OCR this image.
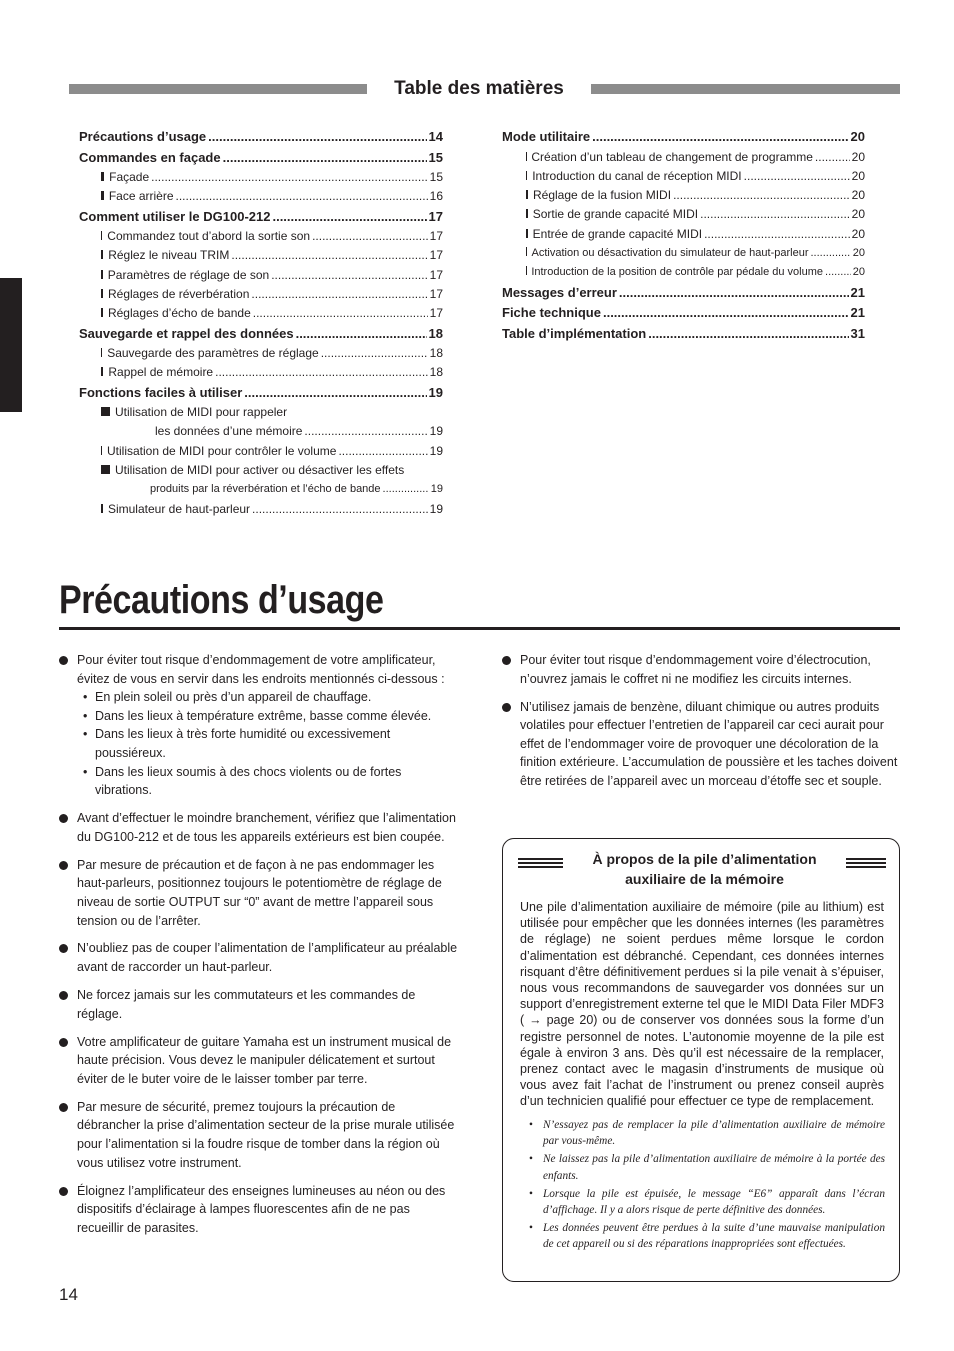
Table des matières
Précautions d’usage .....	14
Commandes en façade .....	15
Façade .....	15
Face arrière .....	16
Comment utiliser le DG100-212 .....	17
Commandez tout d’abord la sortie son .....	17
Réglez le niveau TRIM .....	17
Paramètres de réglage de son .....	17
Réglages de réverbération .....	17
Réglages d’écho de bande .....	17
Sauvegarde et rappel des données .....	18
Sauvegarde des paramètres de réglage .....	18
Rappel de mémoire .....	18
Fonctions faciles à utiliser .....	19
Utilisation de MIDI pour rappeler
les données d’une mémoire .....	19
Utilisation de MIDI pour contrôler le volume .....	19
Utilisation de MIDI pour activer ou désactiver les effets
produits par la réverbération et l’écho de bande .....	19
Simulateur de haut-parleur .....	19
Mode utilitaire .....	20
Création d’un tableau de changement de programme .....	20
Introduction du canal de réception MIDI .....	20
Réglage de la fusion MIDI .....	20
Sortie de grande capacité MIDI .....	20
Entrée de grande capacité MIDI .....	20
Activation ou désactivation du simulateur de haut-parleur .....	20
Introduction de la position de contrôle par pédale du volume .....	20
Messages d’erreur .....	21
Fiche technique .....	21
Table d’implémentation .....	31
Précautions d’usage
Pour éviter tout risque d’endommagement de votre amplificateur, évitez de vous en servir dans les endroits mentionnés ci-dessous :
• En plein soleil ou près d’un appareil de chauffage.
• Dans les lieux à température extrême, basse comme élevée.
• Dans les lieux à très forte humidité ou excessivement poussiéreux.
• Dans les lieux soumis à des chocs violents ou de fortes vibrations.
Avant d’effectuer le moindre branchement, vérifiez que l’alimentation du DG100-212 et de tous les appareils extérieurs est bien coupée.
Par mesure de précaution et de façon à ne pas endommager les haut-parleurs, positionnez toujours le potentiomètre de réglage de niveau de sortie OUTPUT sur “0” avant de mettre l’appareil sous tension ou de l’arrêter.
N’oubliez pas de couper l’alimentation de l’amplificateur au préalable avant de raccorder un haut-parleur.
Ne forcez jamais sur les commutateurs et les commandes de réglage.
Votre amplificateur de guitare Yamaha est un instrument musical de haute précision. Vous devez le manipuler délicatement et surtout éviter de le buter voire de le laisser tomber par terre.
Par mesure de sécurité, premez toujours la précaution de débrancher la prise d’alimentation secteur de la prise murale utilisée pour l’alimentation si la foudre risque de tomber dans la région où vous utilisez votre instrument.
Éloignez l’amplificateur des enseignes lumineuses au néon ou des dispositifs d’éclairage à lampes fluorescentes afin de ne pas recueillir de parasites.
Pour éviter tout risque d’endommagement voire d’électrocution, n’ouvrez jamais le coffret ni ne modifiez les circuits internes.
N’utilisez jamais de benzène, diluant chimique ou autres produits volatiles pour effectuer l’entretien de l’appareil car ceci aurait pour effet de l’endommager voire de provoquer une décoloration de la finition extérieure. L’accumulation de poussière et les taches doivent être retirées de l’appareil avec un morceau d’étoffe sec et souple.
À propos de la pile d’alimentation
auxiliaire de la mémoire
Une pile d’alimentation auxiliaire de mémoire (pile au lithium) est utilisée pour empêcher que les données internes (les paramètres de réglage) ne soient perdues même lorsque le cordon d’alimentation est débranché. Cependant, ces données internes risquant d’être définitivement perdues si la pile venait à s’épuiser, nous vous recommandons de sauvegarder vos données sur un support d’enregistrement externe tel que le MIDI Data Filer MDF3 ( → page 20) ou de conserver vos données sous la forme d’un registre personnel de notes. L’autonomie moyenne de la pile est égale à environ 3 ans. Dès qu’il est nécessaire de la remplacer, prenez contact avec le magasin d’instruments de musique où vous avez fait l’achat de l’instrument ou prenez conseil auprès d’un technicien qualifié pour effectuer ce type de remplacement.
• N’essayez pas de remplacer la pile d’alimentation auxiliaire de mémoire par vous-même.
• Ne laissez pas la pile d’alimentation auxiliaire de mémoire à la portée des enfants.
• Lorsque la pile est épuisée, le message “E6” apparaît dans l’écran d’affichage. Il y a alors risque de perte définitive des données.
• Les données peuvent être perdues à la suite d’une mauvaise manipulation de cet appareil ou si des réparations inappropriées sont effectuées.
14
